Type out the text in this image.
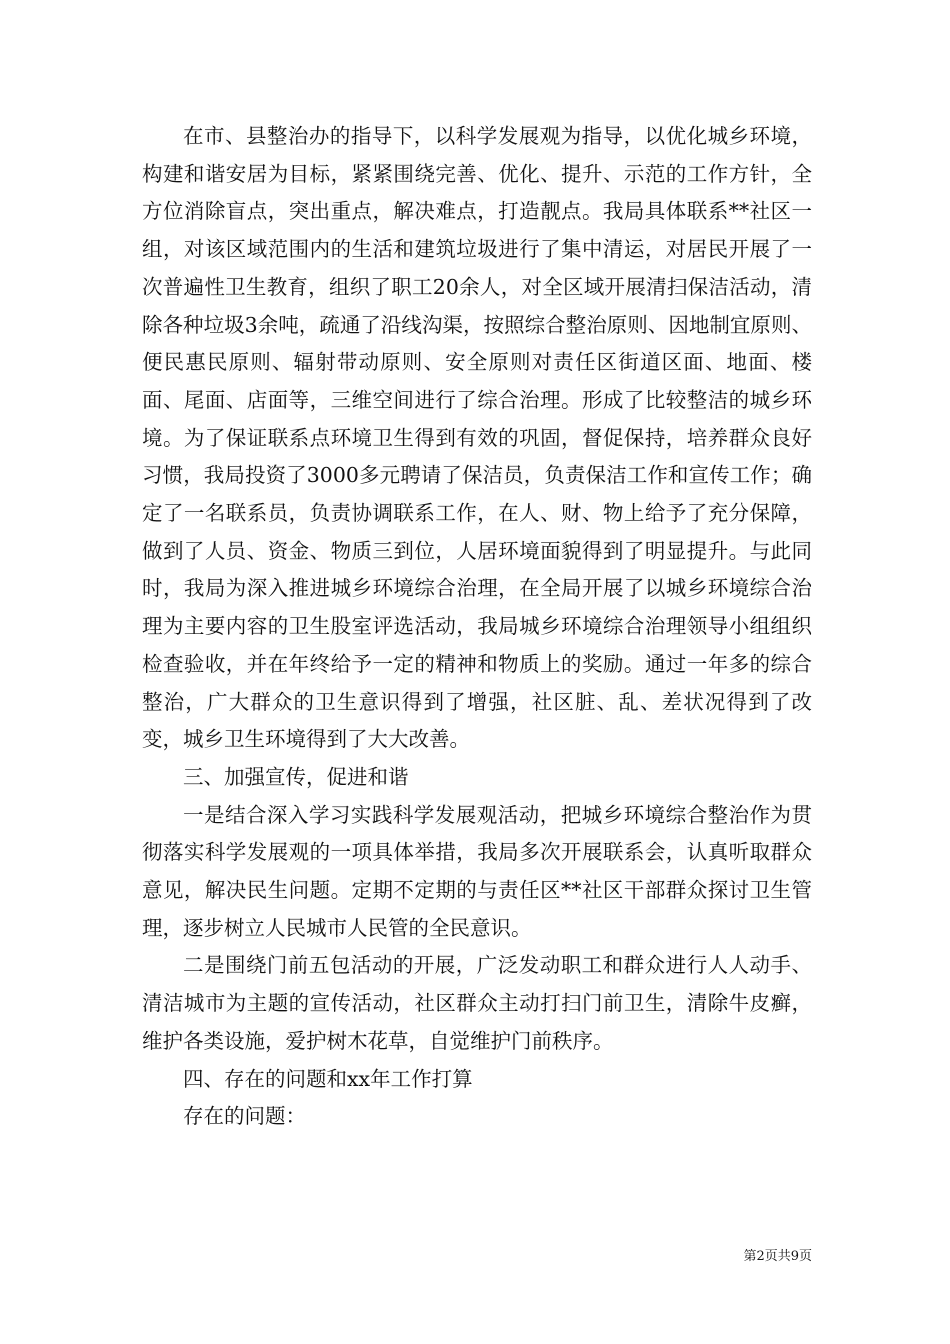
在市、县整治办的指导下，以科学发展观为指导，以优化城乡环境，构建和谐安居为目标，紧紧围绕完善、优化、提升、示范的工作方针，全方位消除盲点，突出重点，解决难点，打造靓点。我局具体联系**社区一组，对该区域范围内的生活和建筑垃圾进行了集中清运，对居民开展了一次普遍性卫生教育，组织了职工20余人，对全区域开展清扫保洁活动，清除各种垃圾3余吨，疏通了沿线沟渠，按照综合整治原则、因地制宜原则、便民惠民原则、辐射带动原则、安全原则对责任区街道区面、地面、楼面、尾面、店面等，三维空间进行了综合治理。形成了比较整洁的城乡环境。为了保证联系点环境卫生得到有效的巩固，督促保持，培养群众良好习惯，我局投资了3000多元聘请了保洁员，负责保洁工作和宣传工作；确定了一名联系员，负责协调联系工作，在人、财、物上给予了充分保障，做到了人员、资金、物质三到位，人居环境面貌得到了明显提升。与此同时，我局为深入推进城乡环境综合治理，在全局开展了以城乡环境综合治理为主要内容的卫生股室评选活动，我局城乡环境综合治理领导小组组织检查验收，并在年终给予一定的精神和物质上的奖励。通过一年多的综合整治，广大群众的卫生意识得到了增强，社区脏、乱、差状况得到了改变，城乡卫生环境得到了大大改善。

三、加强宣传，促进和谐

一是结合深入学习实践科学发展观活动，把城乡环境综合整治作为贯彻落实科学发展观的一项具体举措，我局多次开展联系会，认真听取群众意见，解决民生问题。定期不定期的与责任区**社区干部群众探讨卫生管理，逐步树立人民城市人民管的全民意识。

二是围绕门前五包活动的开展，广泛发动职工和群众进行人人动手、清洁城市为主题的宣传活动，社区群众主动打扫门前卫生，清除牛皮癣，维护各类设施，爱护树木花草，自觉维护门前秩序。

四、存在的问题和xx年工作打算

存在的问题：

第2页共9页
